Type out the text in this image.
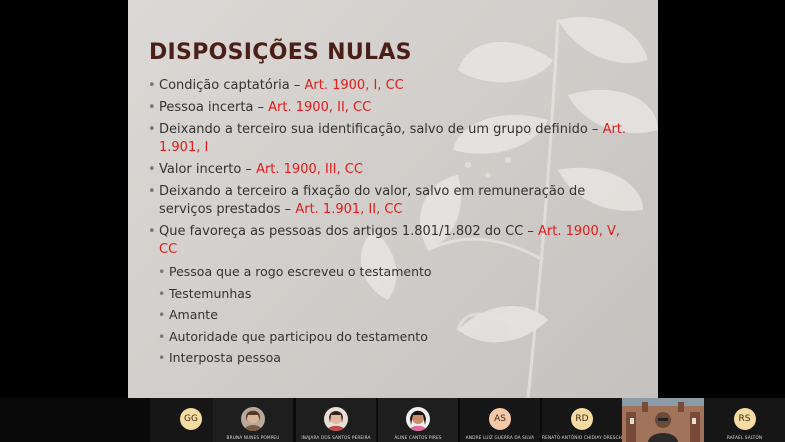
DISPOSIÇÕES NULAS
• Condição captatória – Art. 1900, I, CC
• Pessoa incerta – Art. 1900, II, CC
• Deixando a terceiro sua identificação, salvo de um grupo definido – Art. 1.901, I
• Valor incerto – Art. 1900, III, CC
• Deixando a terceiro a fixação do valor, salvo em remuneração de serviços prestados – Art. 1.901, II, CC
• Que favoreça as pessoas dos artigos 1.801/1.802 do CC – Art. 1900, V, CC
• Pessoa que a rogo escreveu o testamento
• Testemunhas
• Amante
• Autoridade que participou do testamento
• Interposta pessoa
GG
BRUNA NUNES POMPEU	INAJARA DOS SANTOS PEREIRA	ALINE CANTOS PIRES
AS
ANDRE LUIZ GUERRA DA SILVA
RD
RENATO ANTÔNIO CHIDIAY DRESCH
RS
RAFAEL SALTON
